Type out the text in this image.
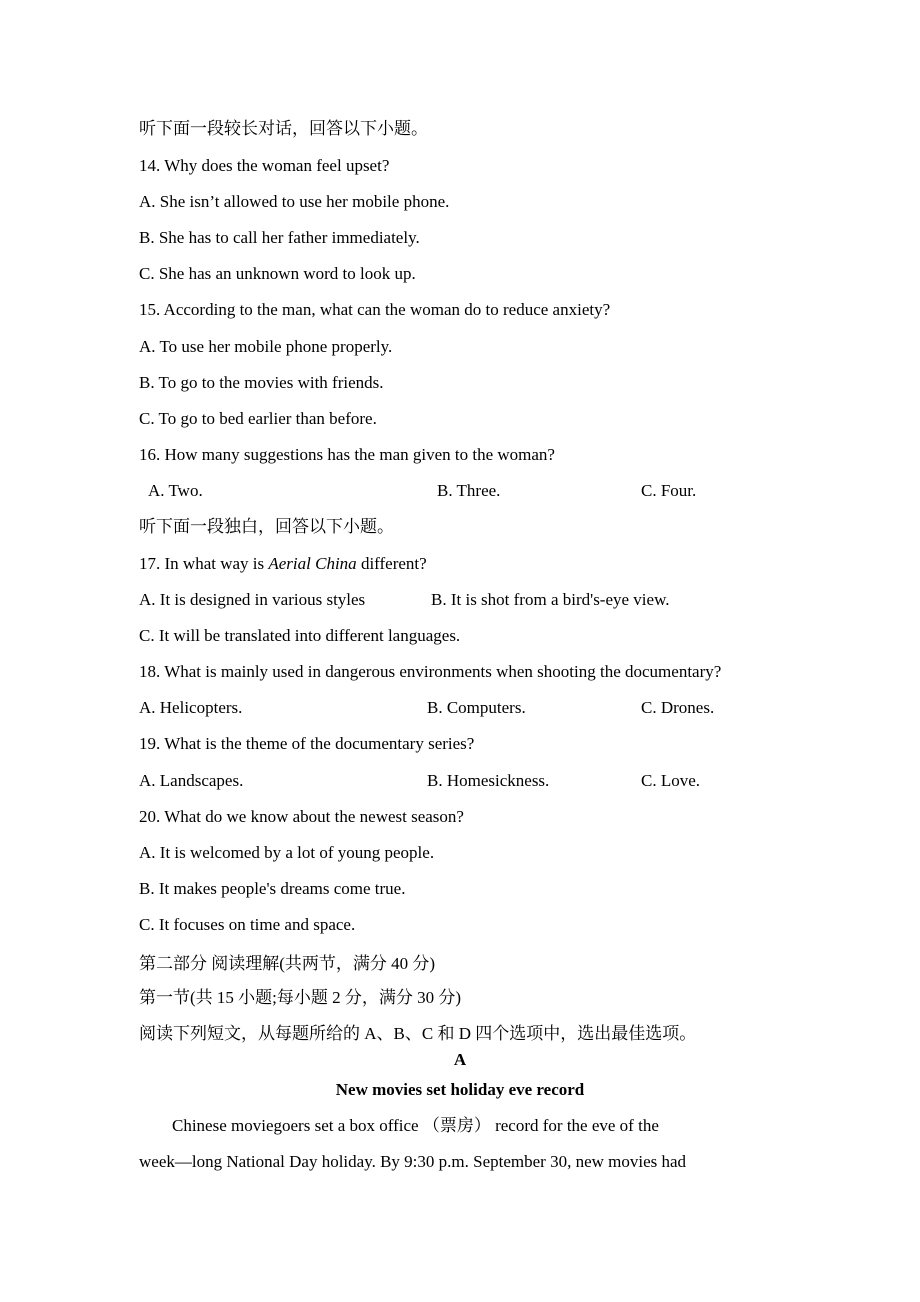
听下面一段较长对话，回答以下小题。
14. Why does the woman feel upset?
A. She isn’t allowed to use her mobile phone.
B. She has to call her father immediately.
C. She has an unknown word to look up.
15. According to the man, what can the woman do to reduce anxiety?
A. To use her mobile phone properly.
B. To go to the movies with friends.
C. To go to bed earlier than before.
16. How many suggestions has the man given to the woman?
A. Two.	B. Three.	C. Four.
听下面一段独白，回答以下小题。
17. In what way is Aerial China different?
A. It is designed in various styles	B. It is shot from a bird's-eye view.
C. It will be translated into different languages.
18. What is mainly used in dangerous environments when shooting the documentary?
A. Helicopters.	B. Computers.	C. Drones.
19. What is the theme of the documentary series?
A. Landscapes.	B. Homesickness.	C. Love.
20. What do we know about the newest season?
A. It is welcomed by a lot of young people.
B. It makes people's dreams come true.
C. It focuses on time and space.
第二部分 阅读理解(共两节，满分 40 分)
第一节(共 15 小题;每小题 2 分，满分 30 分)
阅读下列短文，从每题所给的 A、B、C 和 D 四个选项中，选出最佳选项。
A
New movies set holiday eve record
Chinese moviegoers set a box office （票房） record for the eve of the
week—long National Day holiday. By 9:30 p.m. September 30, new movies had
